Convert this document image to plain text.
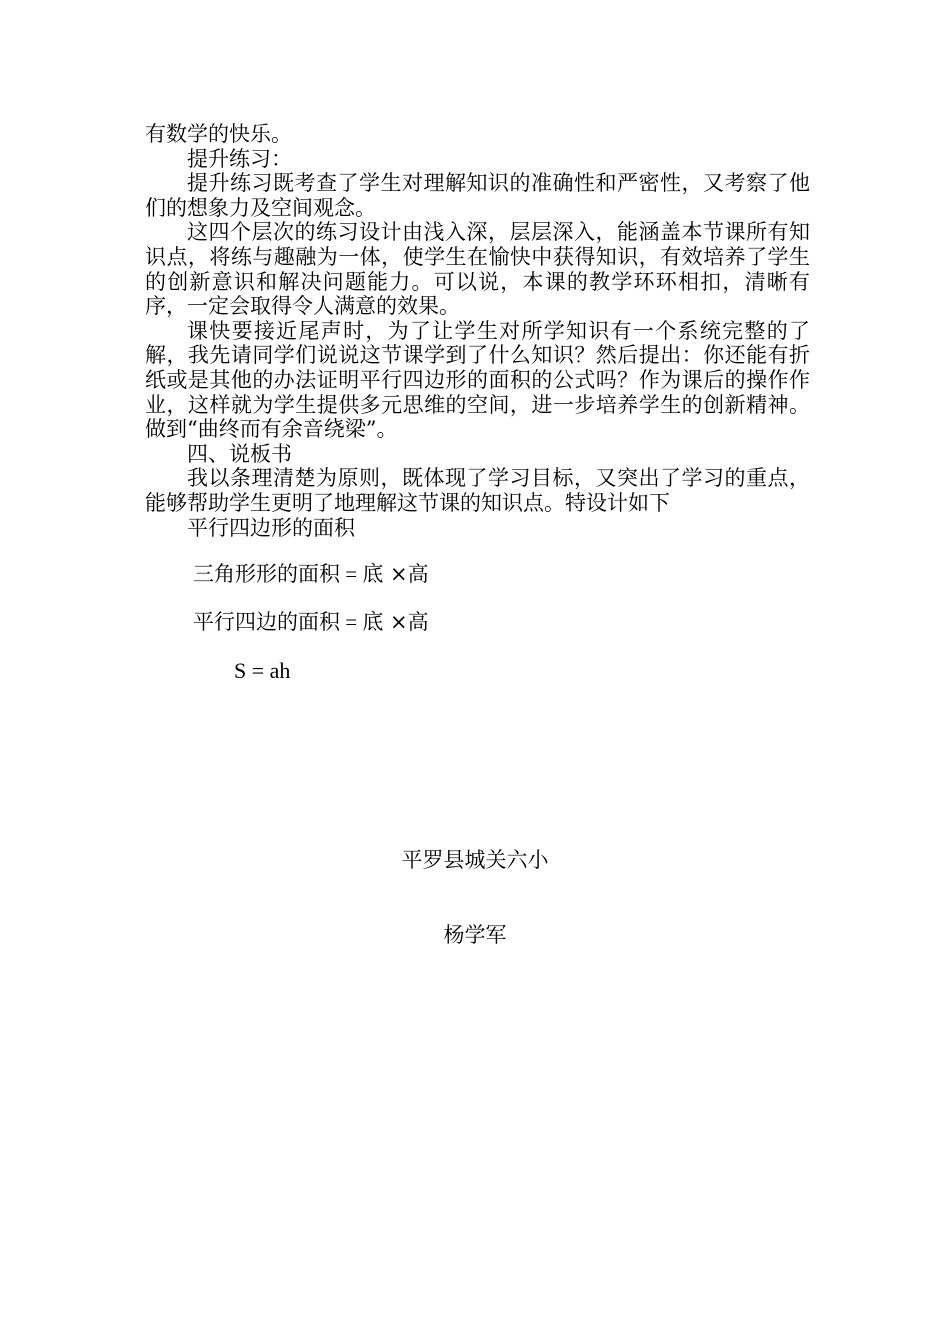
有数学的快乐。

提升练习：

提升练习既考查了学生对理解知识的准确性和严密性，又考察了他们的想象力及空间观念。

这四个层次的练习设计由浅入深，层层深入，能涵盖本节课所有知识点，将练与趣融为一体，使学生在愉快中获得知识，有效培养了学生的创新意识和解决问题能力。可以说，本课的教学环环相扣，清晰有序，一定会取得令人满意的效果。

课快要接近尾声时，为了让学生对所学知识有一个系统完整的了解，我先请同学们说说这节课学到了什么知识？然后提出：你还能有折纸或是其他的办法证明平行四边形的面积的公式吗？作为课后的操作作业，这样就为学生提供多元思维的空间，进一步培养学生的创新精神。做到“曲终而有余音绕梁”。

四、说板书

我以条理清楚为原则，既体现了学习目标，又突出了学习的重点，能够帮助学生更明了地理解这节课的知识点。特设计如下

平行四边形的面积

三角形形的面积 = 底 ×高
平行四边的面积 = 底 ×高
S = ah
平罗县城关六小
杨学军
